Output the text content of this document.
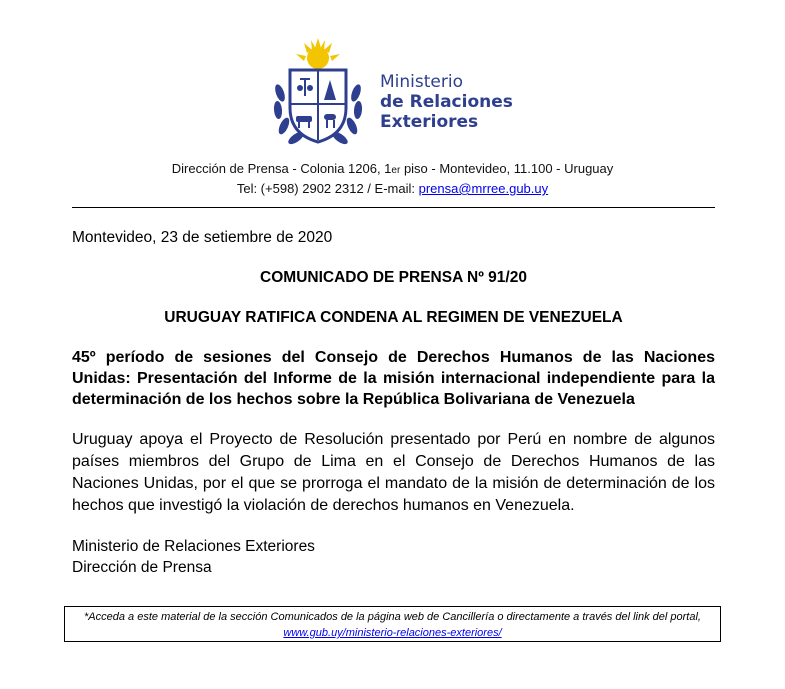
Ministerio
de Relaciones
Exteriores
Dirección de Prensa - Colonia 1206, 1er piso - Montevideo, 11.100 - Uruguay
Tel: (+598) 2902 2312 / E-mail: prensa@mrree.gub.uy

Montevideo, 23 de setiembre de 2020

COMUNICADO DE PRENSA Nº 91/20

URUGUAY RATIFICA CONDENA AL REGIMEN DE VENEZUELA

45º período de sesiones del Consejo de Derechos Humanos de las Naciones Unidas: Presentación del Informe de la misión internacional independiente para la determinación de los hechos sobre la República Bolivariana de Venezuela

Uruguay apoya el Proyecto de Resolución presentado por Perú en nombre de algunos países miembros del Grupo de Lima en el Consejo de Derechos Humanos de las Naciones Unidas, por el que se prorroga el mandato de la misión de determinación de los hechos que investigó la violación de derechos humanos en Venezuela.

Ministerio de Relaciones Exteriores

Dirección de Prensa

*Acceda a este material de la sección Comunicados de la página web de Cancillería o directamente a través del link del portal, www.gub.uy/ministerio-relaciones-exteriores/
